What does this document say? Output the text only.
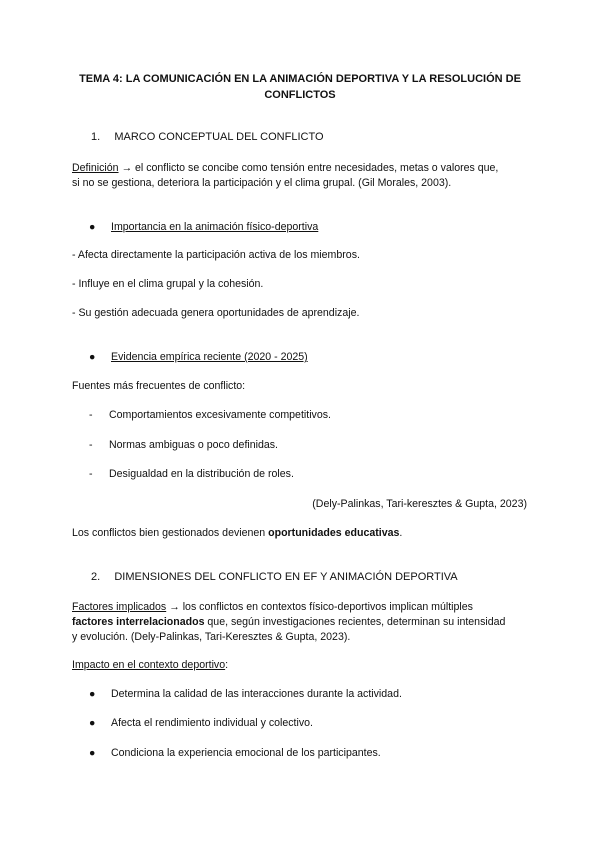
TEMA 4: LA COMUNICACIÓN EN LA ANIMACIÓN DEPORTIVA Y LA RESOLUCIÓN DE
CONFLICTOS
1. MARCO CONCEPTUAL DEL CONFLICTO
Definición → el conflicto se concibe como tensión entre necesidades, metas o valores que,
si no se gestiona, deteriora la participación y el clima grupal. (Gil Morales, 2003).
● Importancia en la animación físico-deportiva
- Afecta directamente la participación activa de los miembros.
- Influye en el clima grupal y la cohesión.
- Su gestión adecuada genera oportunidades de aprendizaje.
● Evidencia empírica reciente (2020 - 2025)
Fuentes más frecuentes de conflicto:
- Comportamientos excesivamente competitivos.
- Normas ambiguas o poco definidas.
- Desigualdad en la distribución de roles.
(Dely-Palinkas, Tari-keresztes & Gupta, 2023)
Los conflictos bien gestionados devienen oportunidades educativas.
2. DIMENSIONES DEL CONFLICTO EN EF Y ANIMACIÓN DEPORTIVA
Factores implicados → los conflictos en contextos físico-deportivos implican múltiples
factores interrelacionados que, según investigaciones recientes, determinan su intensidad
y evolución. (Dely-Palinkas, Tari-Keresztes & Gupta, 2023).
Impacto en el contexto deportivo:
● Determina la calidad de las interacciones durante la actividad.
● Afecta el rendimiento individual y colectivo.
● Condiciona la experiencia emocional de los participantes.
